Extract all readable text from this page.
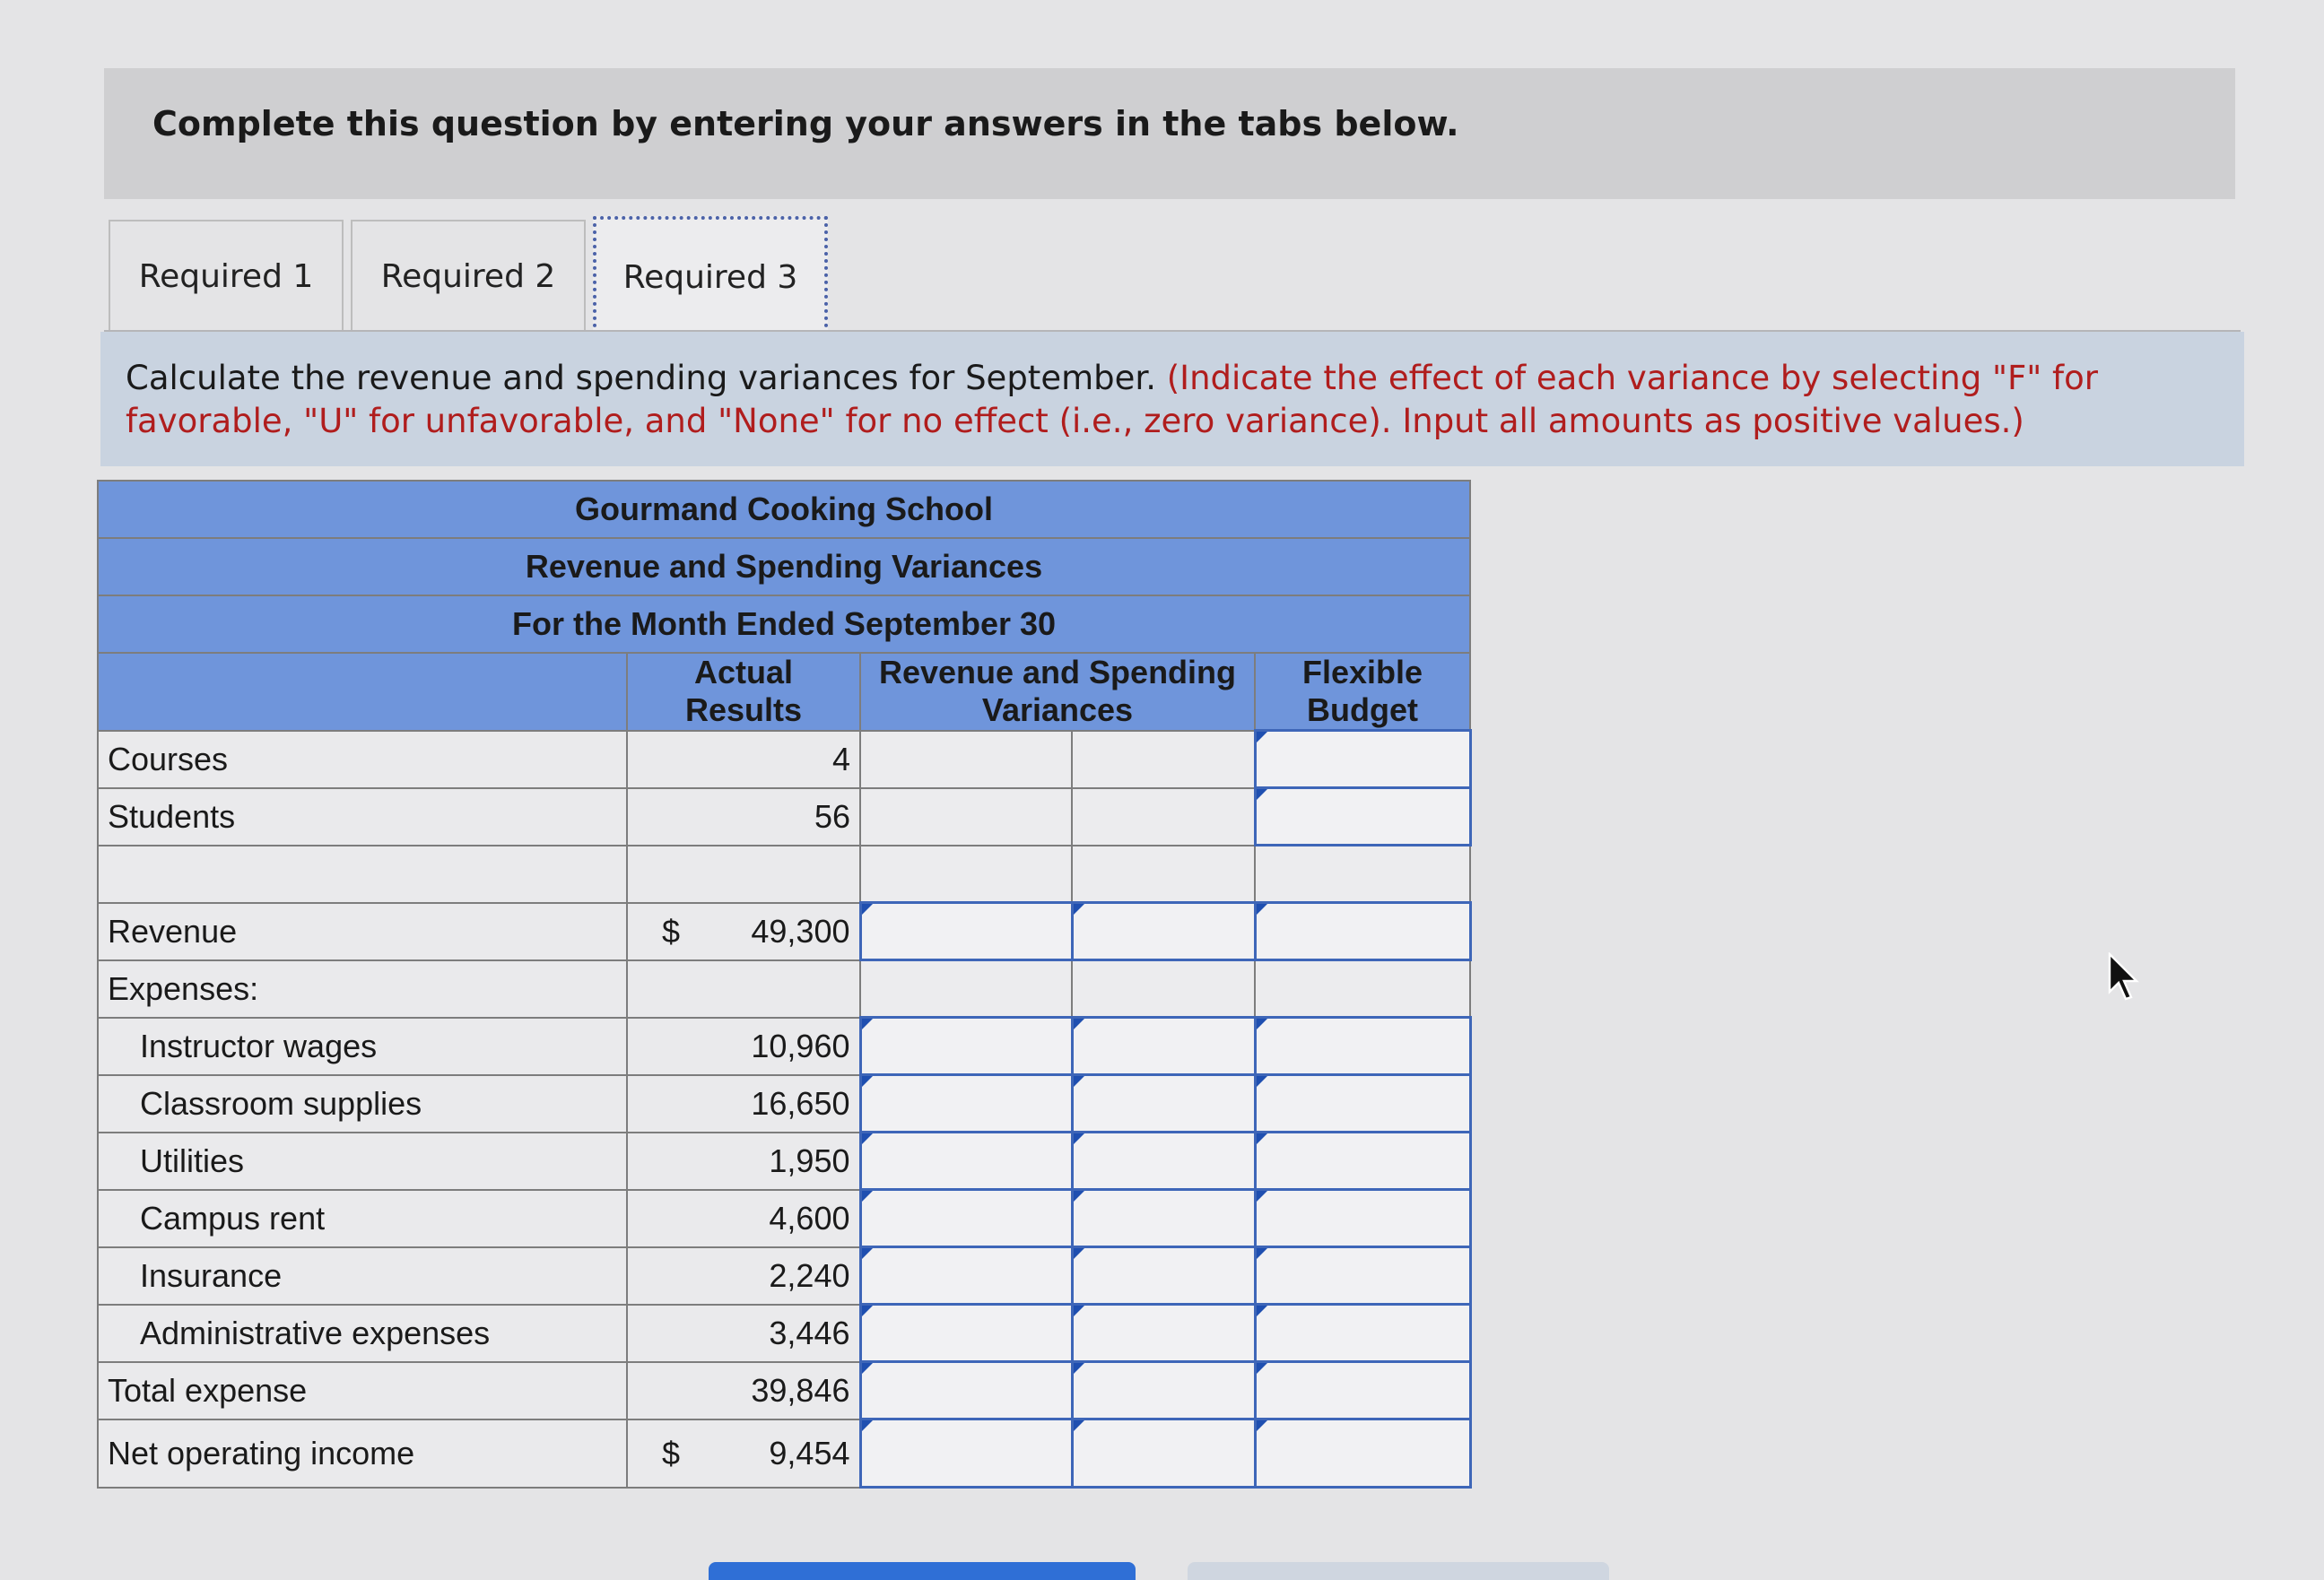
Complete this question by entering your answers in the tabs below.
Required 1	Required 2	Required 3
Calculate the revenue and spending variances for September. (Indicate the effect of each variance by selecting "F" for favorable, "U" for unfavorable, and "None" for no effect (i.e., zero variance). Input all amounts as positive values.)
Gourmand Cooking School				
Revenue and Spending Variances				
For the Month Ended September 30				
	Actual Results	Revenue and Spending Variances		Flexible Budget
Courses	4			
Students	56			

Revenue	$ 49,300			
Expenses:				
Instructor wages	10,960			
Classroom supplies	16,650			
Utilities	1,950			
Campus rent	4,600			
Insurance	2,240			
Administrative expenses	3,446			
Total expense	39,846			
Net operating income	$ 9,454			
